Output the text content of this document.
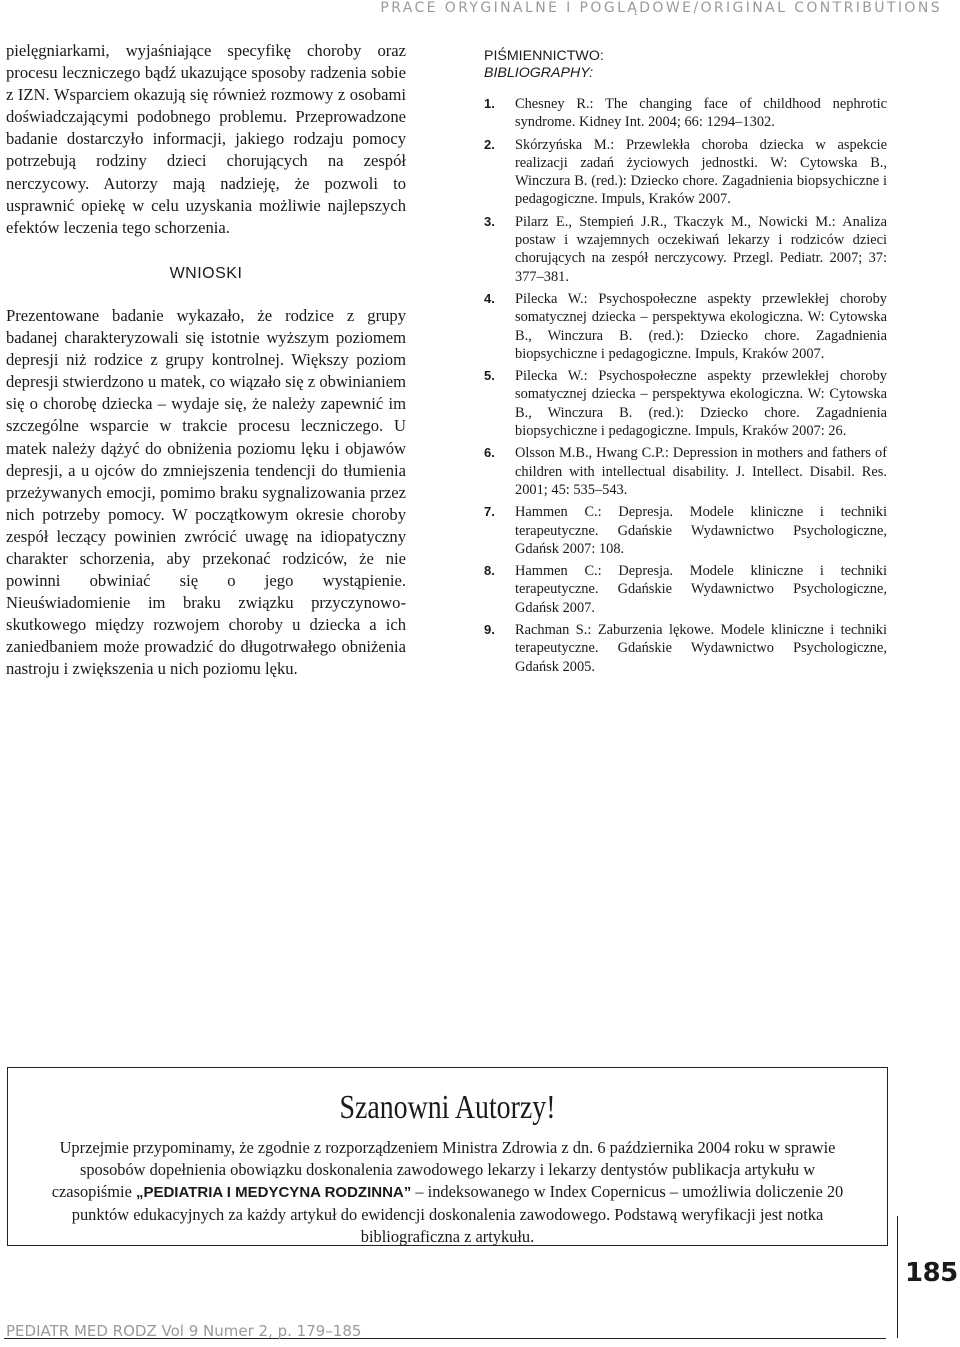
PRACE ORYGINALNE I POGLĄDOWE/ORIGINAL CONTRIBUTIONS

pielęgniarkami, wyjaśniające specyfikę choroby oraz procesu leczniczego bądź ukazujące sposoby radzenia sobie z IZN. Wsparciem okazują się również rozmowy z osobami doświadczającymi podobnego problemu. Przeprowadzone badanie dostarczyło informacji, jakiego rodzaju pomocy potrzebują rodziny dzieci chorujących na zespół nerczycowy. Autorzy mają nadzieję, że pozwoli to usprawnić opiekę w celu uzyskania możliwie najlepszych efektów leczenia tego schorzenia.

WNIOSKI

Prezentowane badanie wykazało, że rodzice z grupy badanej charakteryzowali się istotnie wyższym poziomem depresji niż rodzice z grupy kontrolnej. Większy poziom depresji stwierdzono u matek, co wiązało się z obwinianiem się o chorobę dziecka – wydaje się, że należy zapewnić im szczególne wsparcie w trakcie procesu leczniczego. U matek należy dążyć do obniżenia poziomu lęku i objawów depresji, a u ojców do zmniejszenia tendencji do tłumienia przeżywanych emocji, pomimo braku sygnalizowania przez nich potrzeby pomocy. W początkowym okresie choroby zespół leczący powinien zwrócić uwagę na idiopatyczny charakter schorzenia, aby przekonać rodziców, że nie powinni obwiniać się o jego wystąpienie. Nieuświadomienie im braku związku przyczynowo-skutkowego między rozwojem choroby u dziecka a ich zaniedbaniem może prowadzić do długotrwałego obniżenia nastroju i zwiększenia u nich poziomu lęku.

PIŚMIENNICTWO:
BIBLIOGRAPHY:
1.	Chesney R.: The changing face of childhood nephrotic syndrome. Kidney Int. 2004; 66: 1294–1302.
2.	Skórzyńska M.: Przewlekła choroba dziecka w aspekcie realizacji zadań życiowych jednostki. W: Cytowska B., Winczura B. (red.): Dziecko chore. Zagadnienia biopsychiczne i pedagogiczne. Impuls, Kraków 2007.
3.	Pilarz E., Stempień J.R., Tkaczyk M., Nowicki M.: Analiza postaw i wzajemnych oczekiwań lekarzy i rodziców dzieci chorujących na zespół nerczycowy. Przegl. Pediatr. 2007; 37: 377–381.
4.	Pilecka W.: Psychospołeczne aspekty przewlekłej choroby somatycznej dziecka – perspektywa ekologiczna. W: Cytowska B., Winczura B. (red.): Dziecko chore. Zagadnienia biopsychiczne i pedagogiczne. Impuls, Kraków 2007.
5.	Pilecka W.: Psychospołeczne aspekty przewlekłej choroby somatycznej dziecka – perspektywa ekologiczna. W: Cytowska B., Winczura B. (red.): Dziecko chore. Zagadnienia biopsychiczne i pedagogiczne. Impuls, Kraków 2007: 26.
6.	Olsson M.B., Hwang C.P.: Depression in mothers and fathers of children with intellectual disability. J. Intellect. Disabil. Res. 2001; 45: 535–543.
7.	Hammen C.: Depresja. Modele kliniczne i techniki terapeutyczne. Gdańskie Wydawnictwo Psychologiczne, Gdańsk 2007: 108.
8.	Hammen C.: Depresja. Modele kliniczne i techniki terapeutyczne. Gdańskie Wydawnictwo Psychologiczne, Gdańsk 2007.
9.	Rachman S.: Zaburzenia lękowe. Modele kliniczne i techniki terapeutyczne. Gdańskie Wydawnictwo Psychologiczne, Gdańsk 2005.
Szanowni Autorzy!
Uprzejmie przypominamy, że zgodnie z rozporządzeniem Ministra Zdrowia z dn. 6 października 2004 roku w sprawie sposobów dopełnienia obowiązku doskonalenia zawodowego lekarzy i lekarzy dentystów publikacja artykułu w czasopiśmie „PEDIATRIA I MEDYCYNA RODZINNA” – indeksowanego w Index Copernicus – umożliwia doliczenie 20 punktów edukacyjnych za każdy artykuł do ewidencji doskonalenia zawodowego. Podstawą weryfikacji jest notka bibliograficzna z artykułu.
185
PEDIATR MED RODZ Vol 9 Numer 2, p. 179–185
